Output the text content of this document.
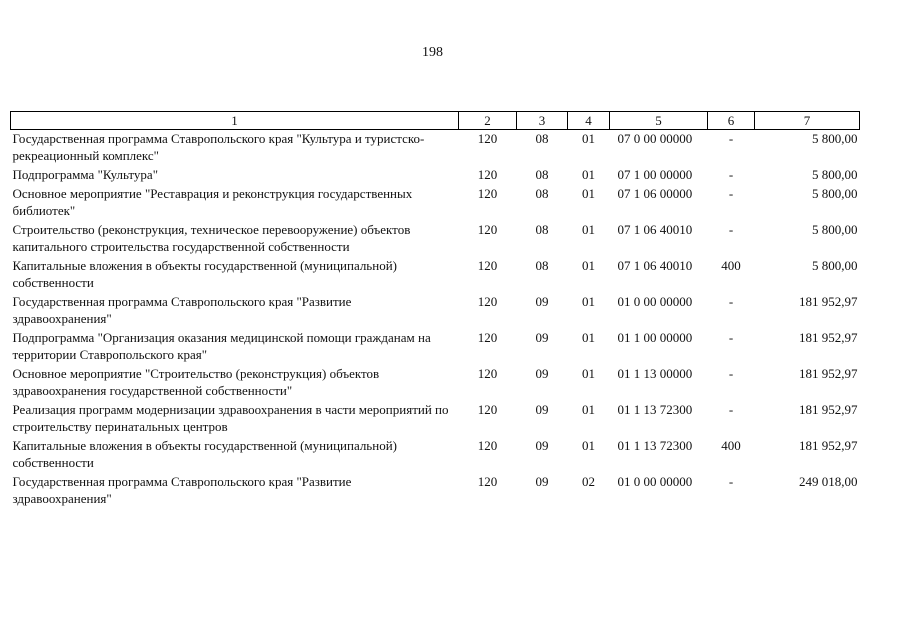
198
1	2	3	4	5	6	7
Государственная программа Ставропольского края "Культура и туристско-рекреационный комплекс"	120	08	01	07 0 00 00000	-	5 800,00
Подпрограмма "Культура"	120	08	01	07 1 00 00000	-	5 800,00
Основное мероприятие "Реставрация и реконструкция государственных библиотек"	120	08	01	07 1 06 00000	-	5 800,00
Строительство (реконструкция, техническое перевооружение) объектов капитального строительства государственной собственности	120	08	01	07 1 06 40010	-	5 800,00
Капитальные вложения в объекты государственной (муниципальной) собственности	120	08	01	07 1 06 40010	400	5 800,00
Государственная программа Ставропольского края "Развитие здравоохранения"	120	09	01	01 0 00 00000	-	181 952,97
Подпрограмма "Организация оказания медицинской помощи гражданам на территории Ставропольского края"	120	09	01	01 1 00 00000	-	181 952,97
Основное мероприятие "Строительство (реконструкция) объектов здравоохранения государственной собственности"	120	09	01	01 1 13 00000	-	181 952,97
Реализация программ модернизации здравоохранения в части мероприятий по строительству перинатальных центров	120	09	01	01 1 13 72300	-	181 952,97
Капитальные вложения в объекты государственной (муниципальной) собственности	120	09	01	01 1 13 72300	400	181 952,97
Государственная программа Ставропольского края "Развитие здравоохранения"	120	09	02	01 0 00 00000	-	249 018,00
